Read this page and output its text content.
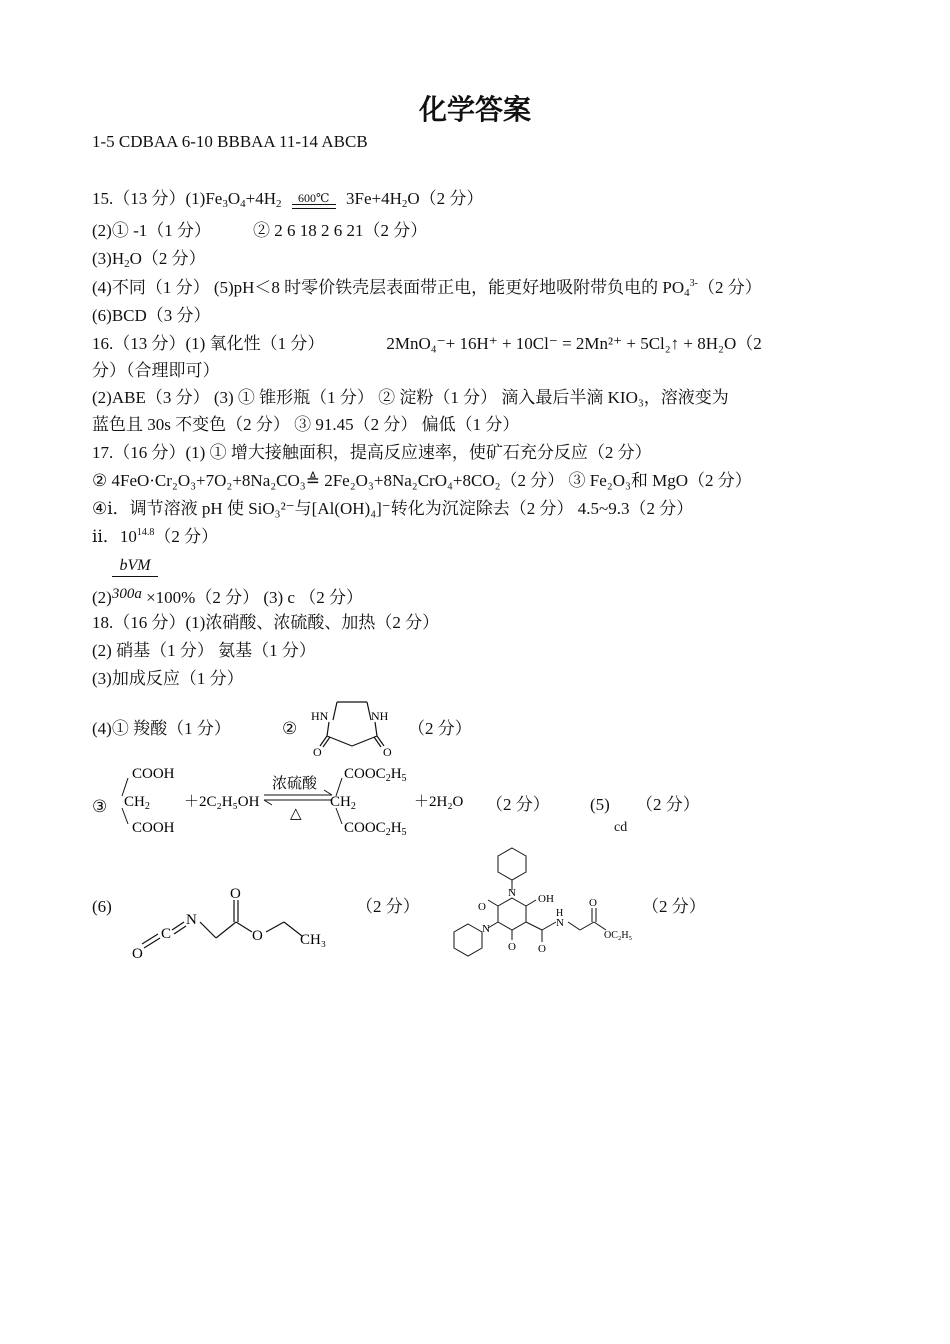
化学答案
1-5 CDBAA 6-10 BBBAA 11-14 ABCB
15.（13 分）$(1)Fe_3O_4+4H_2$	600℃ $3Fe+4H_2O(2$ 分）
(2)① -1（1 分） ② 2 6 18 2 6 21（2 分）
$(3)H_2O(2$ 分）
(4)不同（1 分） (5)pH＜8 时零价铁壳层表面带正电，能更好地吸附带负电的 $PO_4^{3-}(2$ 分）
(6)BCD（3 分）
16.（13 分）(1) 氧化性（1 分）	2MnO₄⁻+ 16H⁺ + 10Cl⁻ = 2Mn²⁺ + 5Cl₂↑ + 8H₂O（2
分）（合理即可）
(2)ABE（3 分） (3) ① 锥形瓶（1 分） ② 淀粉（1 分） 滴入最后半滴 KIO₃，溶液变为
蓝色且 30s 不变色（2 分） ③ 91.45（2 分） 偏低（1 分）
17.（16 分）(1) ① 增大接触面积，提高反应速率，使矿石充分反应（2 分）
② 4FeO·Cr₂O₃+7O₂+8Na₂CO₃≜ 2Fe₂O₃+8Na₂CrO₄+8CO₂（2 分） ③ Fe₂O₃和 MgO（2 分）
④ⅰ．调节溶液 pH 使 SiO₃²⁻与[Al(OH)₄]⁻转化为沉淀除去（2 分） 4.5~9.3（2 分）
ⅱ．$10^{14.8}(2$ 分）
bVM
(2)300a ×100%（2 分） (3) c （2 分）
18.（16 分）(1)浓硝酸、浓硫酸、加热（2 分）
(2) 硝基（1 分） 氨基（1 分）
(3)加成反应（1 分）
(4)① 羧酸（1 分）	②	（2 分）
HN	NH
O	O
③
COOH
$CH_2$
COOH
＋2C₂H₅OH
浓硫酸
△
$COOC_2H_5$
$CH_2$
$COOC_2H_5$
＋2H₂O （2 分） (5) （2 分）
cd
(6)	（2 分）	（2 分）
O
C
N
O
O CH₃
N
O
OH
N
O O
H
N
O
OC₂H₅
